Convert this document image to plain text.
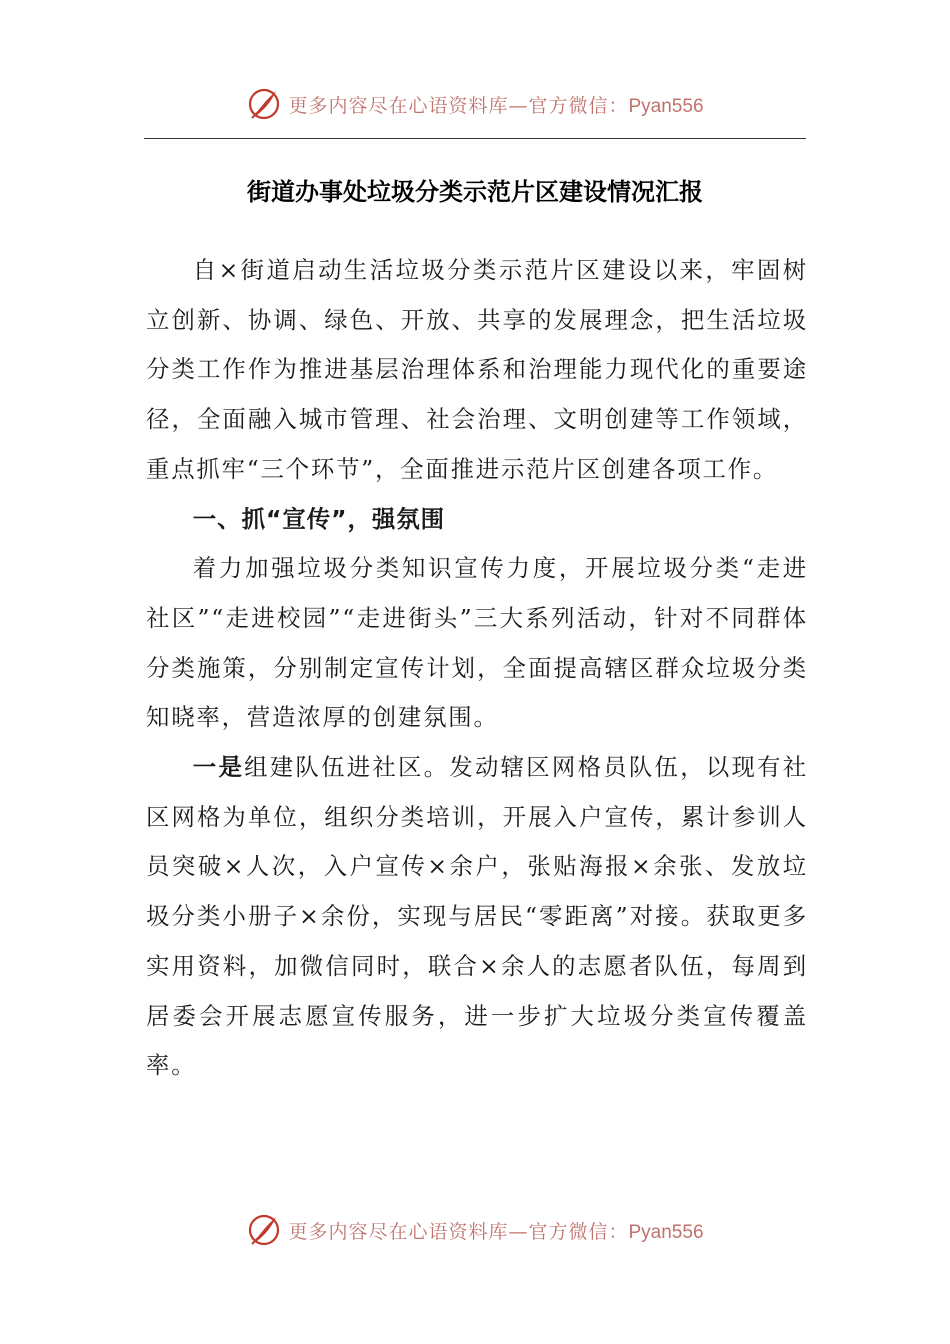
更多内容尽在心语资料库—官方微信：Pyan556
街道办事处垃圾分类示范片区建设情况汇报

自×街道启动生活垃圾分类示范片区建设以来，牢固树立创新、协调、绿色、开放、共享的发展理念，把生活垃圾分类工作作为推进基层治理体系和治理能力现代化的重要途径，全面融入城市管理、社会治理、文明创建等工作领域，重点抓牢“三个环节”，全面推进示范片区创建各项工作。

一、抓“宣传”，强氛围

着力加强垃圾分类知识宣传力度，开展垃圾分类“走进社区”“走进校园”“走进街头”三大系列活动，针对不同群体分类施策，分别制定宣传计划，全面提高辖区群众垃圾分类知晓率，营造浓厚的创建氛围。

一是组建队伍进社区。发动辖区网格员队伍，以现有社区网格为单位，组织分类培训，开展入户宣传，累计参训人员突破×人次，入户宣传×余户，张贴海报×余张、发放垃圾分类小册子×余份，实现与居民“零距离”对接。获取更多实用资料，加微信同时，联合×余人的志愿者队伍，每周到居委会开展志愿宣传服务，进一步扩大垃圾分类宣传覆盖率。

更多内容尽在心语资料库—官方微信：Pyan556
